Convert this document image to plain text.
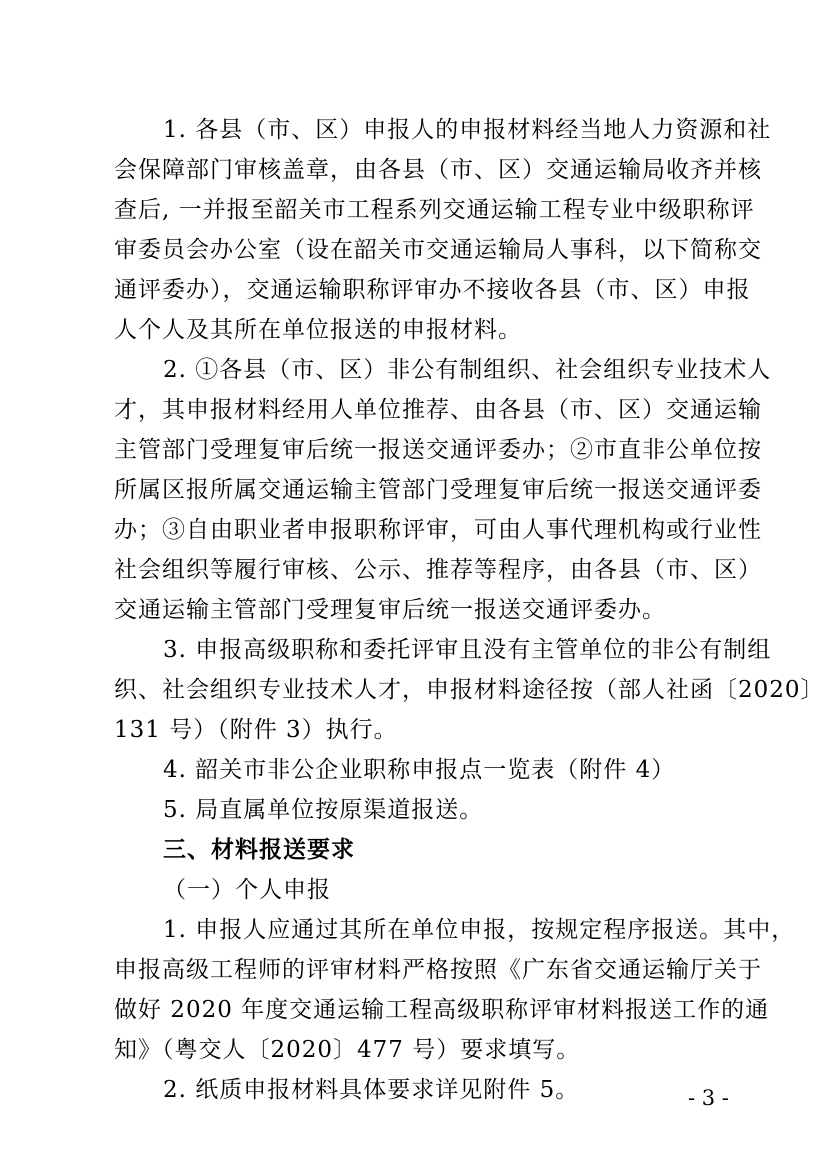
1. 各县（市、区）申报人的申报材料经当地人力资源和社
会保障部门审核盖章，由各县（市、区）交通运输局收齐并核
查后, 一并报至韶关市工程系列交通运输工程专业中级职称评
审委员会办公室（设在韶关市交通运输局人事科，以下简称交
通评委办），交通运输职称评审办不接收各县（市、区）申报
人个人及其所在单位报送的申报材料。
2. ①各县（市、区）非公有制组织、社会组织专业技术人
才，其申报材料经用人单位推荐、由各县（市、区）交通运输
主管部门受理复审后统一报送交通评委办；②市直非公单位按
所属区报所属交通运输主管部门受理复审后统一报送交通评委
办；③自由职业者申报职称评审，可由人事代理机构或行业性
社会组织等履行审核、公示、推荐等程序，由各县（市、区）
交通运输主管部门受理复审后统一报送交通评委办。
3. 申报高级职称和委托评审且没有主管单位的非公有制组
织、社会组织专业技术人才，申报材料途径按（部人社函〔2020〕
131 号）（附件 3）执行。
4. 韶关市非公企业职称申报点一览表（附件 4）
5. 局直属单位按原渠道报送。
三、材料报送要求
（一）个人申报
1. 申报人应通过其所在单位申报，按规定程序报送。其中，
申报高级工程师的评审材料严格按照《广东省交通运输厅关于
做好 2020 年度交通运输工程高级职称评审材料报送工作的通
知》（粤交人〔2020〕477 号）要求填写。
2. 纸质申报材料具体要求详见附件 5。	- 3 -
